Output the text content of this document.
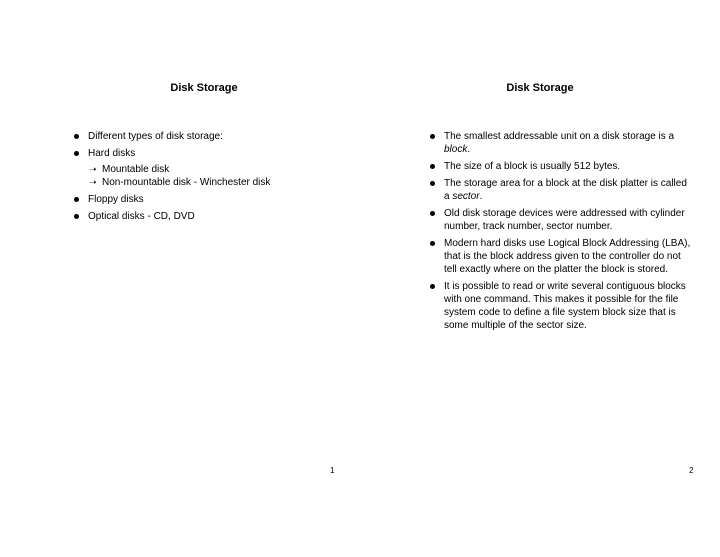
Disk Storage
Different types of disk storage:
Hard disks
➝ Mountable disk
➝ Non-mountable disk - Winchester disk
Floppy disks
Optical disks - CD, DVD
1
Disk Storage
The smallest addressable unit on a disk storage is a block.
The size of a block is usually 512 bytes.
The storage area for a block at the disk platter is called a sector.
Old disk storage devices were addressed with cylinder number, track number, sector number.
Modern hard disks use Logical Block Addressing (LBA), that is the block address given to the controller do not tell exactly where on the platter the block is stored.
It is possible to read or write several contiguous blocks with one command. This makes it possible for the file system code to define a file system block size that is some multiple of the sector size.
2
